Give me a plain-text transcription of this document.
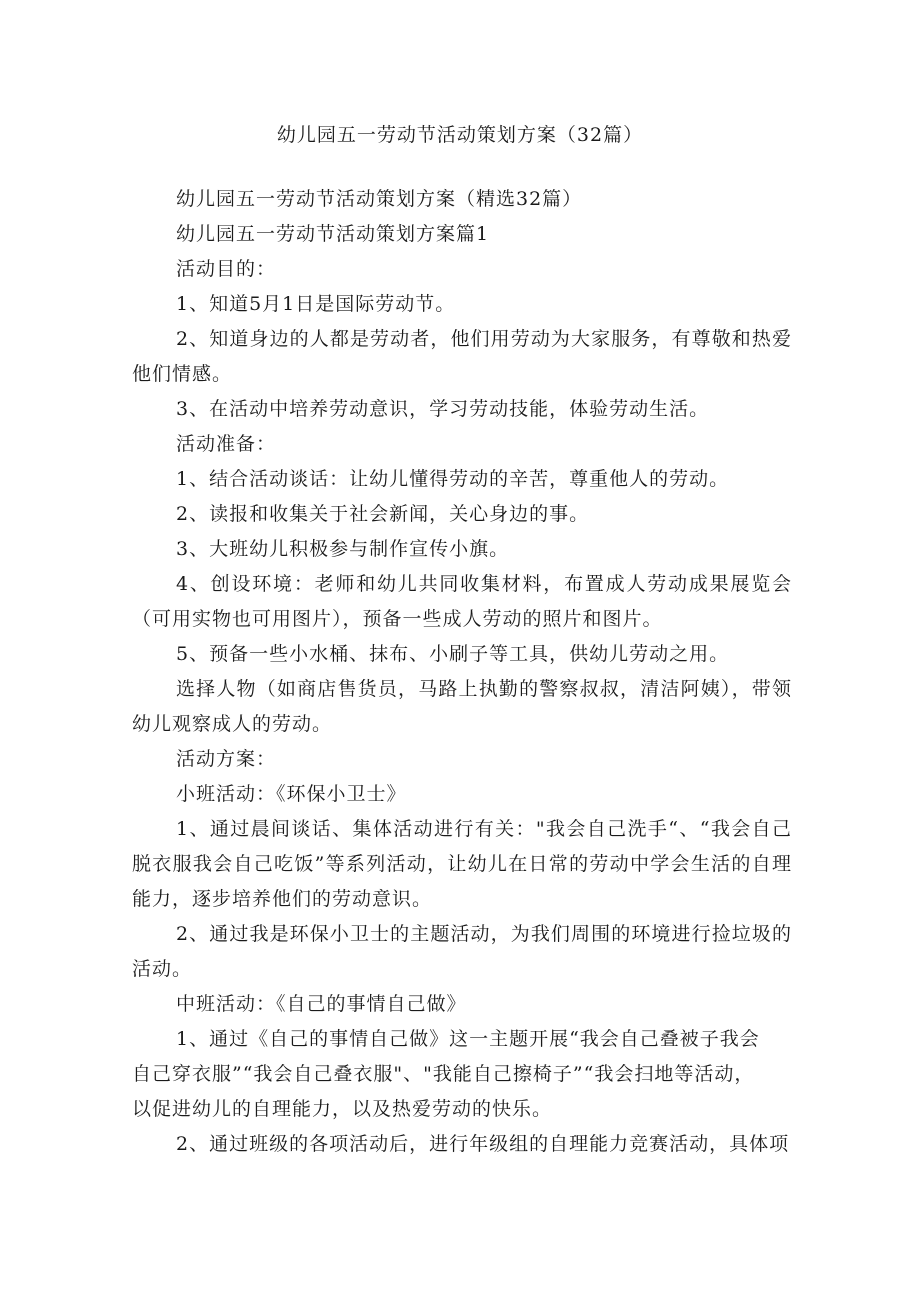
幼儿园五一劳动节活动策划方案（32篇）

幼儿园五一劳动节活动策划方案（精选32篇）

幼儿园五一劳动节活动策划方案篇1

活动目的：

1、知道5月1日是国际劳动节。

2、知道身边的人都是劳动者，他们用劳动为大家服务，有尊敬和热爱他们情感。

3、在活动中培养劳动意识，学习劳动技能，体验劳动生活。

活动准备：

1、结合活动谈话：让幼儿懂得劳动的辛苦，尊重他人的劳动。

2、读报和收集关于社会新闻，关心身边的事。

3、大班幼儿积极参与制作宣传小旗。

4、创设环境：老师和幼儿共同收集材料，布置成人劳动成果展览会（可用实物也可用图片），预备一些成人劳动的照片和图片。

5、预备一些小水桶、抹布、小刷子等工具，供幼儿劳动之用。

选择人物（如商店售货员，马路上执勤的警察叔叔，清洁阿姨），带领幼儿观察成人的劳动。

活动方案：

小班活动：《环保小卫士》

1、通过晨间谈话、集体活动进行有关："我会自己洗手“、“我会自己脱衣服我会自己吃饭”等系列活动，让幼儿在日常的劳动中学会生活的自理能力，逐步培养他们的劳动意识。

2、通过我是环保小卫士的主题活动，为我们周围的环境进行捡垃圾的活动。

中班活动：《自己的事情自己做》

1、通过《自己的事情自己做》这一主题开展“我会自己叠被子我会自己穿衣服”“我会自己叠衣服"、"我能自己擦椅子”“我会扫地等活动，以促进幼儿的自理能力，以及热爱劳动的快乐。

2、通过班级的各项活动后，进行年级组的自理能力竞赛活动，具体项
